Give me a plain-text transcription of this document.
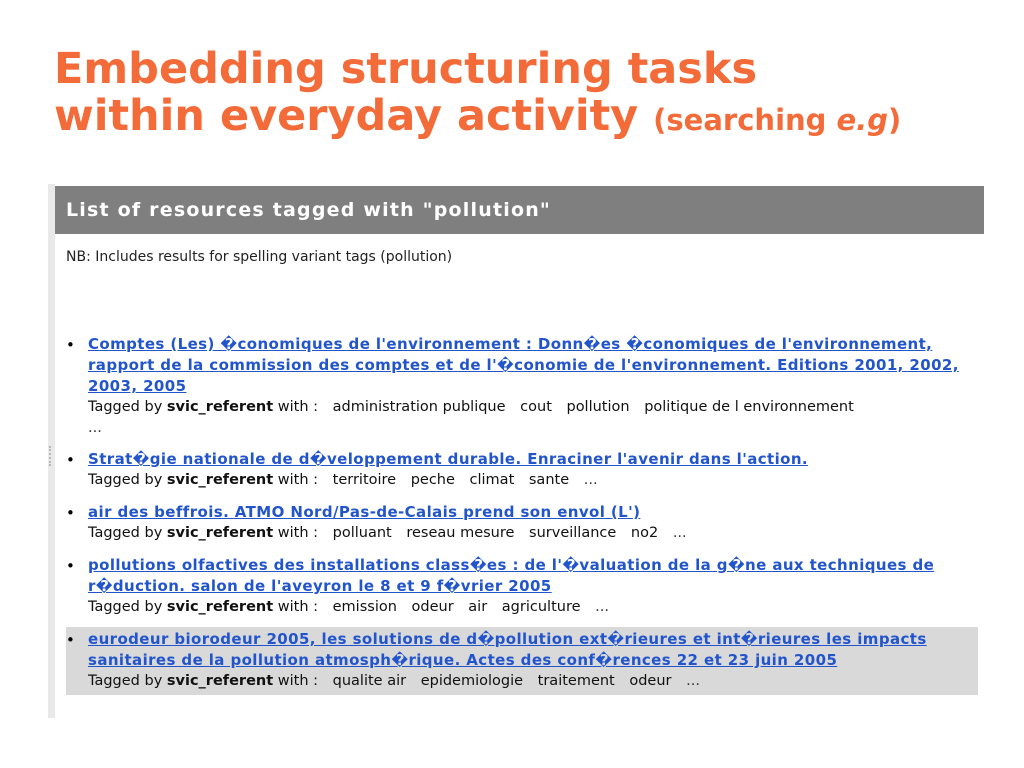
Embedding structuring tasks
within everyday activity (searching e.g)
List of resources tagged with "pollution"
NB: Includes results for spelling variant tags (pollution)
• Comptes (Les) �conomiques de l'environnement : Donn�es �conomiques de l'environnement, rapport de la commission des comptes et de l'�conomie de l'environnement. Editions 2001, 2002, 2003, 2005
Tagged by svic_referent with : administration publique cout pollution politique de l environnement
...
• Strat�gie nationale de d�veloppement durable. Enraciner l'avenir dans l'action.
Tagged by svic_referent with : territoire peche climat sante ...
• air des beffrois. ATMO Nord/Pas-de-Calais prend son envol (L')
Tagged by svic_referent with : polluant reseau mesure surveillance no2 ...
• pollutions olfactives des installations class�es : de l'�valuation de la g�ne aux techniques de r�duction. salon de l'aveyron le 8 et 9 f�vrier 2005
Tagged by svic_referent with : emission odeur air agriculture ...
• eurodeur biorodeur 2005, les solutions de d�pollution ext�rieures et int�rieures les impacts sanitaires de la pollution atmosph�rique. Actes des conf�rences 22 et 23 juin 2005
Tagged by svic_referent with : qualite air epidemiologie traitement odeur ...
